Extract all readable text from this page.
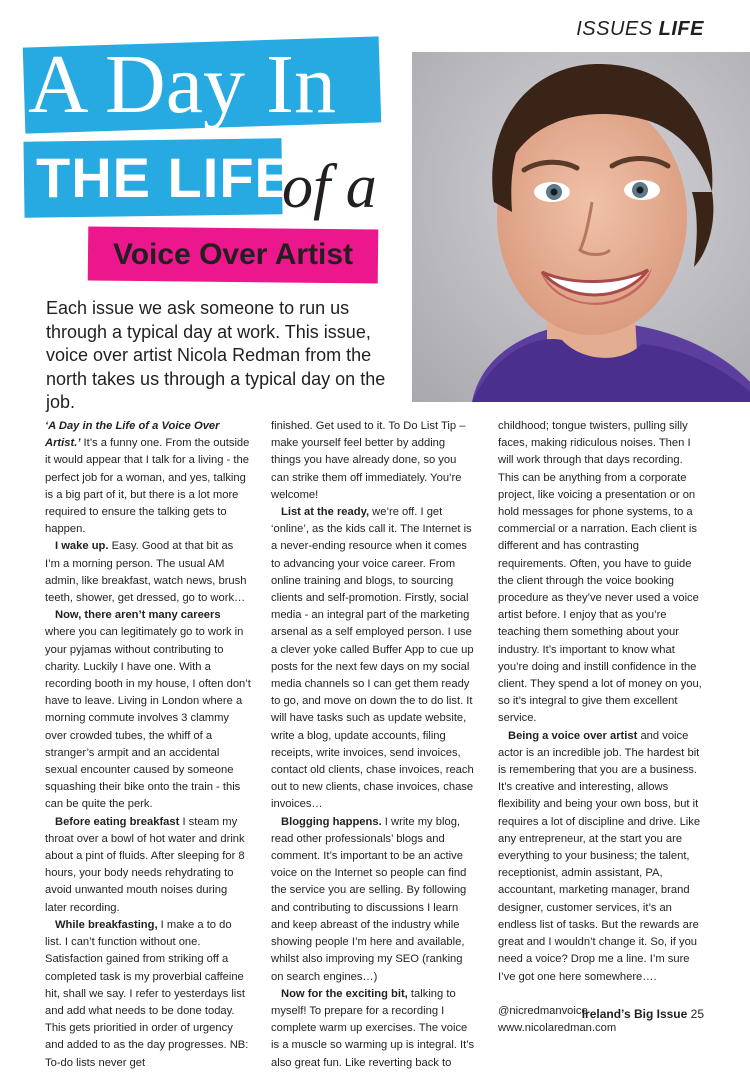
ISSUES LIFE
A Day In
THE LIFE
of a
Voice Over Artist

Each issue we ask someone to run us through a typical day at work. This issue, voice over artist Nicola Redman from the north takes us through a typical day on the job.

‘A Day in the Life of a Voice Over Artist.’ It’s a funny one. From the outside it would appear that I talk for a living - the perfect job for a woman, and yes, talking is a big part of it, but there is a lot more required to ensure the talking gets to happen.

I wake up. Easy. Good at that bit as I’m a morning person. The usual AM admin, like breakfast, watch news, brush teeth, shower, get dressed, go to work…

Now, there aren’t many careers where you can legitimately go to work in your pyjamas without contributing to charity. Luckily I have one. With a recording booth in my house, I often don’t have to leave. Living in London where a morning commute involves 3 clammy over crowded tubes, the whiff of a stranger’s armpit and an accidental sexual encounter caused by someone squashing their bike onto the train - this can be quite the perk.

Before eating breakfast I steam my throat over a bowl of hot water and drink about a pint of fluids. After sleeping for 8 hours, your body needs rehydrating to avoid unwanted mouth noises during later recording.

While breakfasting, I make a to do list. I can’t function without one. Satisfaction gained from striking off a completed task is my proverbial caffeine hit, shall we say. I refer to yesterdays list and add what needs to be done today. This gets prioritied in order of urgency and added to as the day progresses. NB: To-do lists never get

finished. Get used to it. To Do List Tip – make yourself feel better by adding things you have already done, so you can strike them off immediately. You’re welcome!

List at the ready, we’re off. I get ‘online’, as the kids call it. The Internet is a never-ending resource when it comes to advancing your voice career. From online training and blogs, to sourcing clients and self-promotion. Firstly, social media - an integral part of the marketing arsenal as a self employed person. I use a clever yoke called Buffer App to cue up posts for the next few days on my social media channels so I can get them ready to go, and move on down the to do list. It will have tasks such as update website, write a blog, update accounts, filing receipts, write invoices, send invoices, contact old clients, chase invoices, reach out to new clients, chase invoices, chase invoices…

Blogging happens. I write my blog, read other professionals’ blogs and comment. It’s important to be an active voice on the Internet so people can find the service you are selling. By following and contributing to discussions I learn and keep abreast of the industry while showing people I’m here and available, whilst also improving my SEO (ranking on search engines…)

Now for the exciting bit, talking to myself! To prepare for a recording I complete warm up exercises. The voice is a muscle so warming up is integral. It’s also great fun. Like reverting back to

childhood; tongue twisters, pulling silly faces, making ridiculous noises. Then I will work through that days recording. This can be anything from a corporate project, like voicing a presentation or on hold messages for phone systems, to a commercial or a narration. Each client is different and has contrasting requirements. Often, you have to guide the client through the voice booking procedure as they’ve never used a voice artist before. I enjoy that as you’re teaching them something about your industry. It’s important to know what you’re doing and instill confidence in the client. They spend a lot of money on you, so it’s integral to give them excellent service.

Being a voice over artist and voice actor is an incredible job. The hardest bit is remembering that you are a business. It’s creative and interesting, allows flexibility and being your own boss, but it requires a lot of discipline and drive. Like any entrepreneur, at the start you are everything to your business; the talent, receptionist, admin assistant, PA, accountant, marketing manager, brand designer, customer services, it’s an endless list of tasks. But the rewards are great and I wouldn’t change it. So, if you need a voice? Drop me a line. I’m sure I’ve got one here somewhere….

@nicredmanvoice

www.nicolaredman.com

Ireland’s Big Issue 25
